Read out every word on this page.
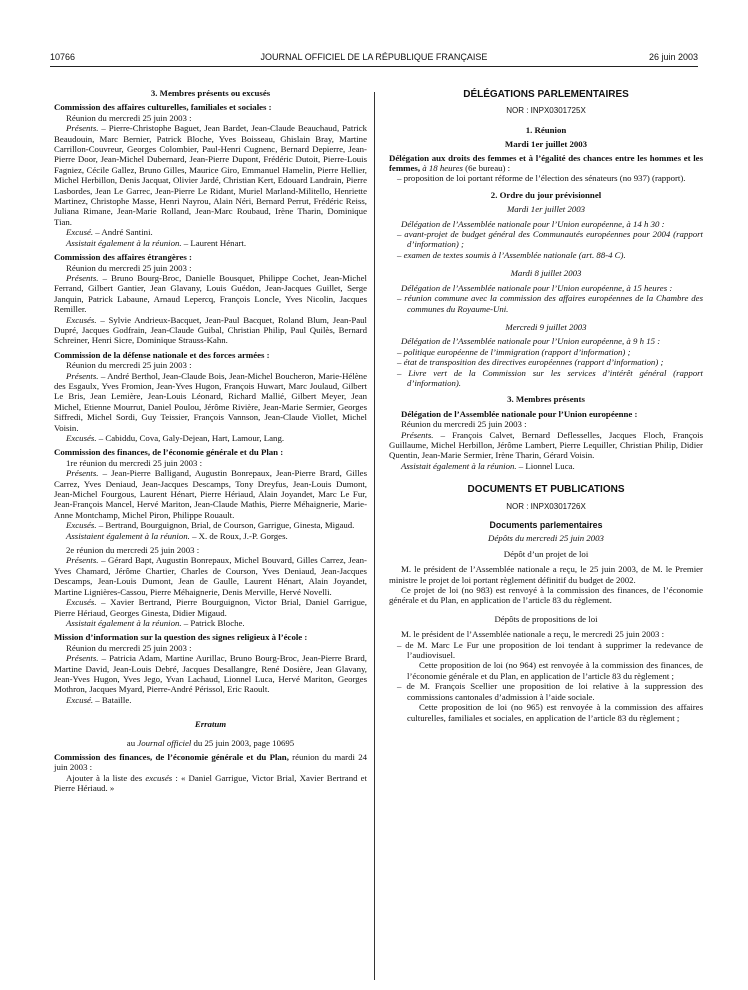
10766	JOURNAL OFFICIEL DE LA RÉPUBLIQUE FRANÇAISE	26 juin 2003

3. Membres présents ou excusés

Commission des affaires culturelles, familiales et sociales :

Réunion du mercredi 25 juin 2003 :

Présents. – Pierre-Christophe Baguet, Jean Bardet, Jean-Claude Beauchaud, Patrick Beaudouin, Marc Bernier, Patrick Bloche, Yves Boisseau, Ghislain Bray, Martine Carrillon-Couvreur, Georges Colombier, Paul-Henri Cugnenc, Bernard Depierre, Jean-Pierre Door, Jean-Michel Dubernard, Jean-Pierre Dupont, Frédéric Dutoit, Pierre-Louis Fagniez, Cécile Gallez, Bruno Gilles, Maurice Giro, Emmanuel Hamelin, Pierre Hellier, Michel Herbillon, Denis Jacquat, Olivier Jardé, Christian Kert, Edouard Landrain, Pierre Lasbordes, Jean Le Garrec, Jean-Pierre Le Ridant, Muriel Marland-Militello, Henriette Martinez, Christophe Masse, Henri Nayrou, Alain Néri, Bernard Perrut, Frédéric Reiss, Juliana Rimane, Jean-Marie Rolland, Jean-Marc Roubaud, Irène Tharin, Dominique Tian.

Excusé. – André Santini.

Assistait également à la réunion. – Laurent Hénart.

Commission des affaires étrangères :

Réunion du mercredi 25 juin 2003 :

Présents. – Bruno Bourg-Broc, Danielle Bousquet, Philippe Cochet, Jean-Michel Ferrand, Gilbert Gantier, Jean Glavany, Louis Guédon, Jean-Jacques Guillet, Serge Janquin, Patrick Labaune, Arnaud Lepercq, François Loncle, Yves Nicolin, Jacques Remiller.

Excusés. – Sylvie Andrieux-Bacquet, Jean-Paul Bacquet, Roland Blum, Jean-Paul Dupré, Jacques Godfrain, Jean-Claude Guibal, Christian Philip, Paul Quilès, Bernard Schreiner, Henri Sicre, Dominique Strauss-Kahn.

Commission de la défense nationale et des forces armées :

Réunion du mercredi 25 juin 2003 :

Présents. – André Berthol, Jean-Claude Bois, Jean-Michel Boucheron, Marie-Hélène des Esgaulx, Yves Fromion, Jean-Yves Hugon, François Huwart, Marc Joulaud, Gilbert Le Bris, Jean Lemière, Jean-Louis Léonard, Richard Mallié, Gilbert Meyer, Jean Michel, Etienne Mourrut, Daniel Poulou, Jérôme Rivière, Jean-Marie Sermier, Georges Siffredi, Michel Sordi, Guy Teissier, François Vannson, Jean-Claude Viollet, Michel Voisin.

Excusés. – Cabiddu, Cova, Galy-Dejean, Hart, Lamour, Lang.

Commission des finances, de l’économie générale et du Plan :

1re réunion du mercredi 25 juin 2003 :

Présents. – Jean-Pierre Balligand, Augustin Bonrepaux, Jean-Pierre Brard, Gilles Carrez, Yves Deniaud, Jean-Jacques Descamps, Tony Dreyfus, Jean-Louis Dumont, Jean-Michel Fourgous, Laurent Hénart, Pierre Hériaud, Alain Joyandet, Marc Le Fur, Jean-François Mancel, Hervé Mariton, Jean-Claude Mathis, Pierre Méhaignerie, Marie-Anne Montchamp, Michel Piron, Philippe Rouault.

Excusés. – Bertrand, Bourguignon, Brial, de Courson, Garrigue, Ginesta, Migaud.

Assistaient également à la réunion. – X. de Roux, J.-P. Gorges.

2e réunion du mercredi 25 juin 2003 :

Présents. – Gérard Bapt, Augustin Bonrepaux, Michel Bouvard, Gilles Carrez, Jean-Yves Chamard, Jérôme Chartier, Charles de Courson, Yves Deniaud, Jean-Jacques Descamps, Jean-Louis Dumont, Jean de Gaulle, Laurent Hénart, Alain Joyandet, Martine Lignières-Cassou, Pierre Méhaignerie, Denis Merville, Hervé Novelli.

Excusés. – Xavier Bertrand, Pierre Bourguignon, Victor Brial, Daniel Garrigue, Pierre Hériaud, Georges Ginesta, Didier Migaud.

Assistait également à la réunion. – Patrick Bloche.

Mission d’information sur la question des signes religieux à l’école :

Réunion du mercredi 25 juin 2003 :

Présents. – Patricia Adam, Martine Aurillac, Bruno Bourg-Broc, Jean-Pierre Brard, Martine David, Jean-Louis Debré, Jacques Desallangre, René Dosière, Jean Glavany, Jean-Yves Hugon, Yves Jego, Yvan Lachaud, Lionnel Luca, Hervé Mariton, Georges Mothron, Jacques Myard, Pierre-André Périssol, Eric Raoult.

Excusé. – Bataille.

Erratum

au Journal officiel du 25 juin 2003, page 10695

Commission des finances, de l’économie générale et du Plan, réunion du mardi 24 juin 2003 :

Ajouter à la liste des excusés : « Daniel Garrigue, Victor Brial, Xavier Bertrand et Pierre Hériaud. »

DÉLÉGATIONS PARLEMENTAIRES

NOR : INPX0301725X

1. Réunion

Mardi 1er juillet 2003

Délégation aux droits des femmes et à l’égalité des chances entre les hommes et les femmes, à 18 heures (6e bureau) :

– proposition de loi portant réforme de l’élection des sénateurs (no 937) (rapport).

2. Ordre du jour prévisionnel

Mardi 1er juillet 2003

Délégation de l’Assemblée nationale pour l’Union européenne, à 14 h 30 :

– avant-projet de budget général des Communautés européennes pour 2004 (rapport d’information) ;

– examen de textes soumis à l’Assemblée nationale (art. 88-4 C).

Mardi 8 juillet 2003

Délégation de l’Assemblée nationale pour l’Union européenne, à 15 heures :

– réunion commune avec la commission des affaires européennes de la Chambre des communes du Royaume-Uni.

Mercredi 9 juillet 2003

Délégation de l’Assemblée nationale pour l’Union européenne, à 9 h 15 :

– politique européenne de l’immigration (rapport d’information) ;

– état de transposition des directives européennes (rapport d’information) ;

– Livre vert de la Commission sur les services d’intérêt général (rapport d’information).

3. Membres présents

Délégation de l’Assemblée nationale pour l’Union européenne :

Réunion du mercredi 25 juin 2003 :

Présents. – François Calvet, Bernard Deflesselles, Jacques Floch, François Guillaume, Michel Herbillon, Jérôme Lambert, Pierre Lequiller, Christian Philip, Didier Quentin, Jean-Marie Sermier, Irène Tharin, Gérard Voisin.

Assistait également à la réunion. – Lionnel Luca.

DOCUMENTS ET PUBLICATIONS

NOR : INPX0301726X

Documents parlementaires

Dépôts du mercredi 25 juin 2003

Dépôt d’un projet de loi

M. le président de l’Assemblée nationale a reçu, le 25 juin 2003, de M. le Premier ministre le projet de loi portant règlement définitif du budget de 2002.

Ce projet de loi (no 983) est renvoyé à la commission des finances, de l’économie générale et du Plan, en application de l’article 83 du règlement.

Dépôts de propositions de loi

M. le président de l’Assemblée nationale a reçu, le mercredi 25 juin 2003 :

– de M. Marc Le Fur une proposition de loi tendant à supprimer la redevance de l’audiovisuel.

Cette proposition de loi (no 964) est renvoyée à la commission des finances, de l’économie générale et du Plan, en application de l’article 83 du règlement ;

– de M. François Scellier une proposition de loi relative à la suppression des commissions cantonales d’admission à l’aide sociale.

Cette proposition de loi (no 965) est renvoyée à la commission des affaires culturelles, familiales et sociales, en application de l’article 83 du règlement ;
